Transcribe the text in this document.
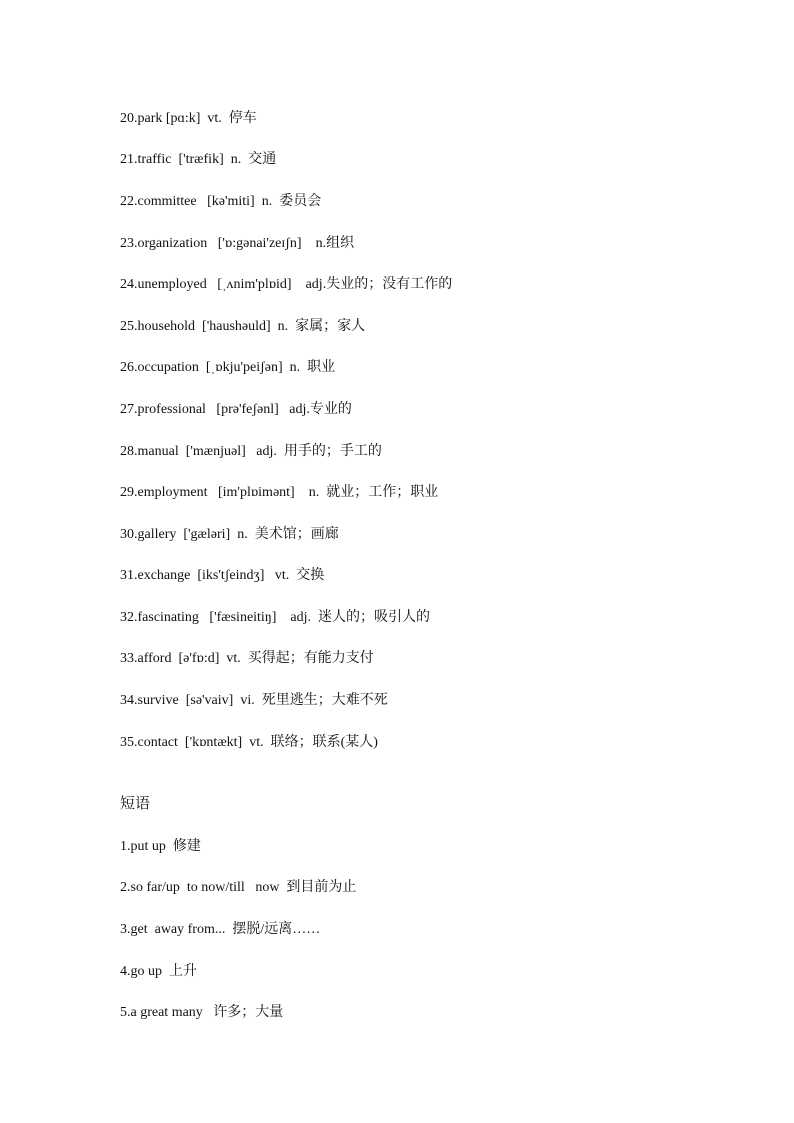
20.park [pɑ:k]  vt.  停车
21.traffic  ['træfik]  n.  交通
22.committee   [kə'miti]  n.  委员会
23.organization   ['ɒ:gənai'zeɪʃn]    n.组织
24.unemployed   [ˌʌnim'plɒid]    adj.失业的；没有工作的
25.household  ['haushəuld]  n.  家属；家人
26.occupation  [ˌɒkju'peiʃən]  n.  职业
27.professional   [prə'feʃənl]   adj.专业的
28.manual  ['mænjuəl]   adj.  用手的；手工的
29.employment   [im'plɒimənt]    n.  就业；工作；职业
30.gallery  ['gæləri]  n.  美术馆；画廊
31.exchange  [iks'tʃeindʒ]   vt.  交换
32.fascinating   ['fæsineitiŋ]    adj.  迷人的；吸引人的
33.afford  [ə'fɒ:d]  vt.  买得起；有能力支付
34.survive  [sə'vaiv]  vi.  死里逃生；大难不死
35.contact  ['kɒntækt]  vt.  联络；联系(某人)
短语
1.put up  修建
2.so far/up  to now/till   now  到目前为止
3.get  away from...  摆脱/远离……
4.go up  上升
5.a great many   许多；大量
